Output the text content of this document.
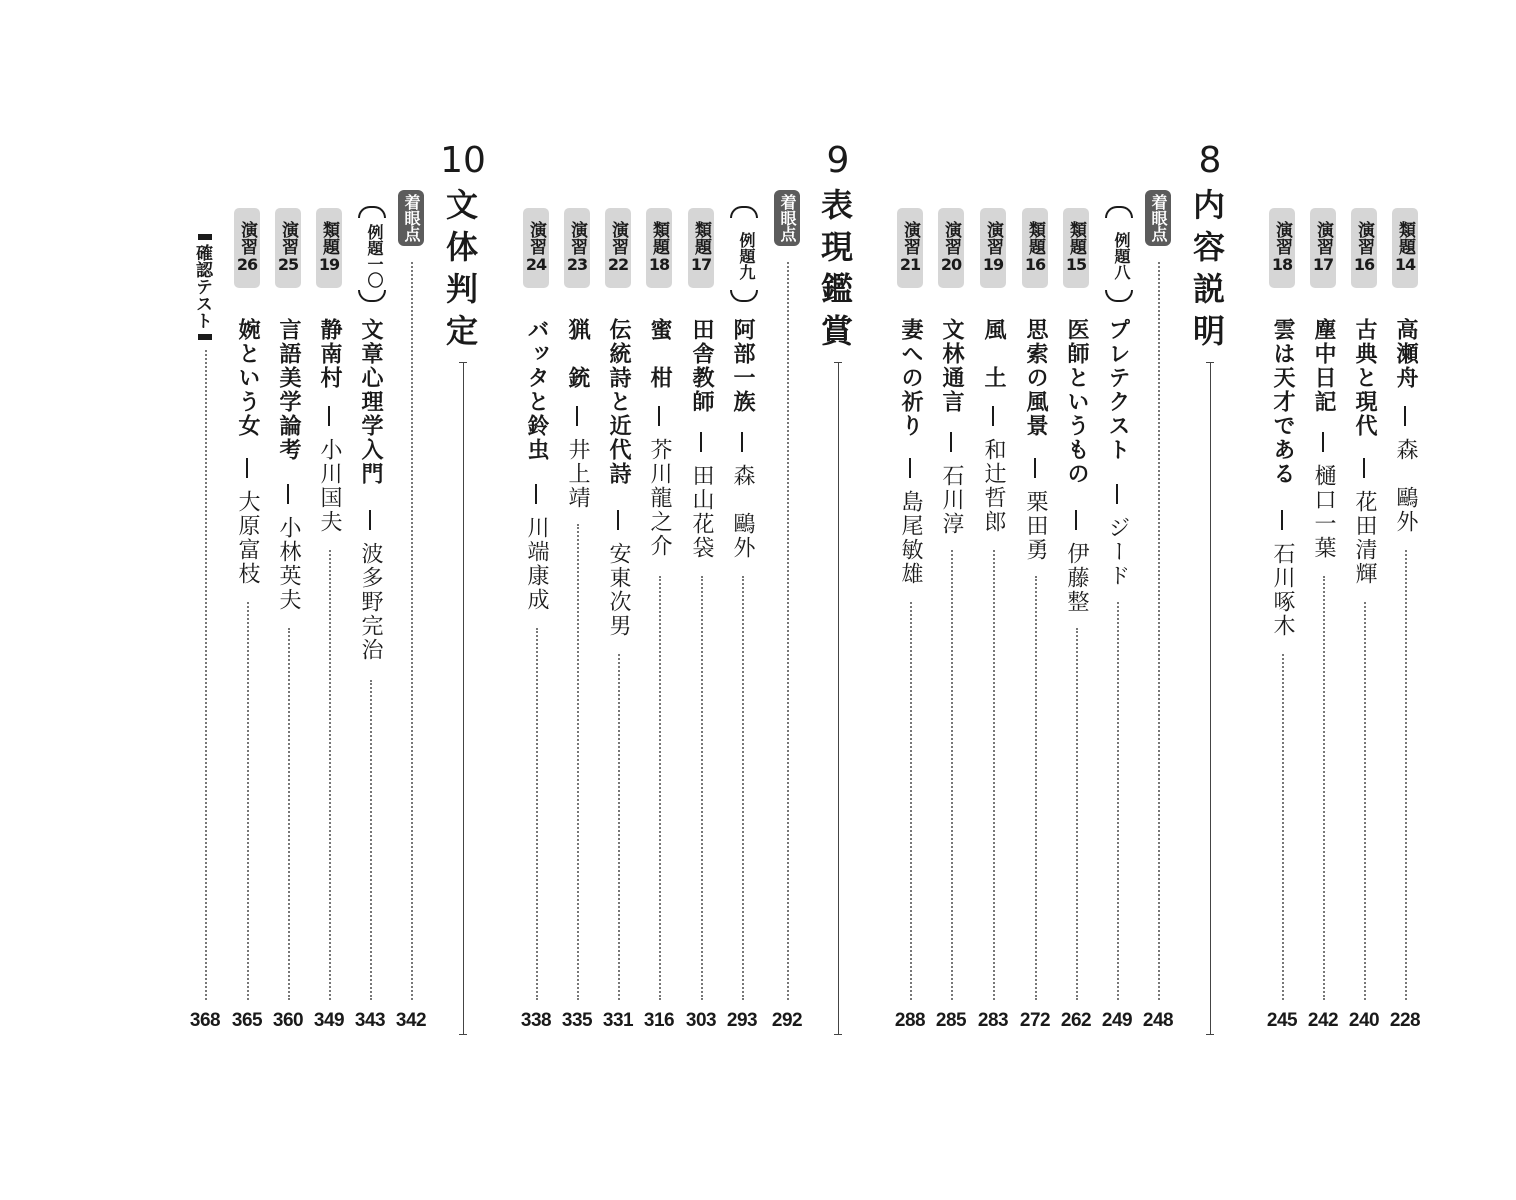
8
内容説明
9
表現鑑賞
10
文体判定	類題
14
高瀬舟
森　鷗外
228
演習
16
古典と現代
花田清輝
240
演習
17
塵中日記
樋口一葉
242
演習
18
雲は天才である
石川啄木
245
着眼点
248
例題八
プレテクスト
ジード
249
類題
15
医師というもの
伊藤整
262
類題
16
思索の風景
栗田勇
272
演習
19
風　土
和辻哲郎
283
演習
20
文林通言
石川淳
285
演習
21
妻への祈り
島尾敏雄
288
着眼点
292
例題九
阿部一族
森　鷗外
293
類題
17
田舎教師
田山花袋
303
類題
18
蜜　柑
芥川龍之介
316
演習
22
伝統詩と近代詩
安東次男
331
演習
23
猟　銃
井上靖
335
演習
24
バッタと鈴虫
川端康成
338
着眼点
342
例題一〇
文章心理学入門
波多野完治
343
類題
19
静南村
小川国夫
349
演習
25
言語美学論考
小林英夫
360
演習
26
婉という女
大原富枝
365
確認テスト
368
